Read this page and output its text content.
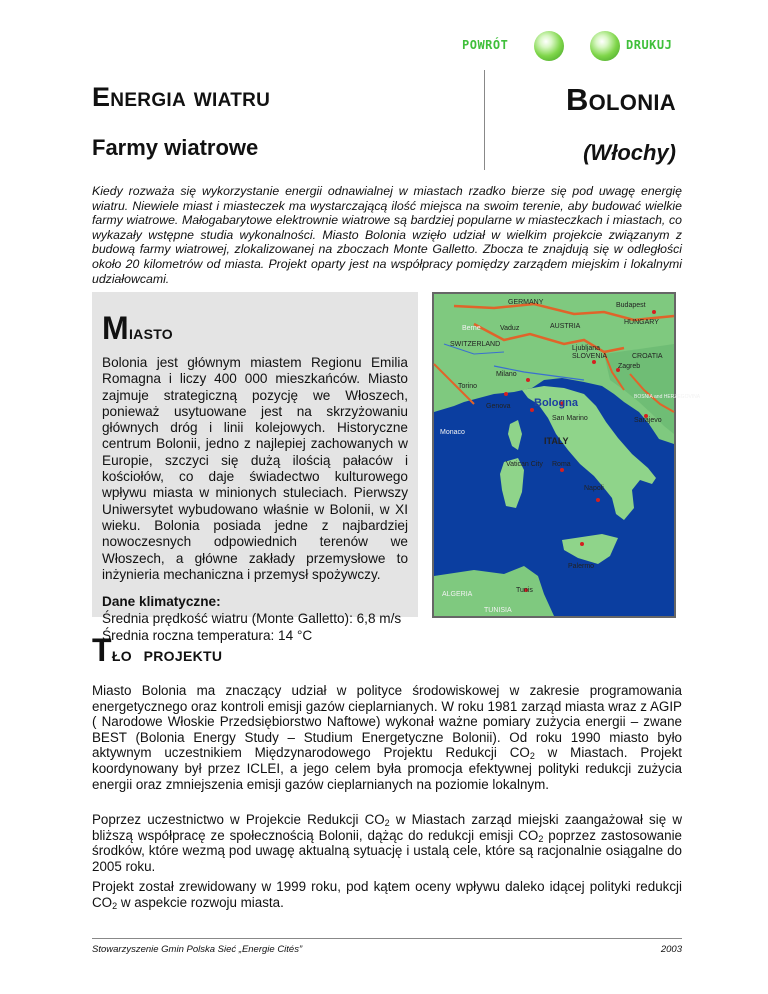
POWRÓT	DRUKUJ
Energia wiatru
Farmy wiatrowe
Bolonia
(Włochy)
Kiedy rozważa się wykorzystanie energii odnawialnej w miastach rzadko bierze się pod uwagę energię wiatru. Niewiele miast i miasteczek ma wystarczającą ilość miejsca na swoim terenie, aby budować wielkie farmy wiatrowe. Małogabarytowe elektrownie wiatrowe są bardziej popularne w miasteczkach i miastach, co wykazały wstępne studia wykonalności. Miasto Bolonia wzięło udział w wielkim projekcie związanym z budową farmy wiatrowej, zlokalizowanej na zboczach Monte Galletto. Zbocza te znajdują się w odległości około 20 kilometrów od miasta. Projekt oparty jest na współpracy pomiędzy zarządem miejskim i lokalnymi udziałowcami.
Miasto
Bolonia jest głównym miastem Regionu Emilia Romagna i liczy 400 000 mieszkańców. Miasto zajmuje strategiczną pozycję we Włoszech, ponieważ usytuowane jest na skrzyżowaniu głównych dróg i linii kolejowych. Historyczne centrum Bolonii, jedno z najlepiej zachowanych w Europie, szczyci się dużą ilością pałaców i kościołów, co daje świadectwo kulturowego wpływu miasta w minionych stuleciach. Pierwszy Uniwersytet wybudowano właśnie w Bolonii, w XI wieku. Bolonia posiada jedne z najbardziej nowoczesnych odpowiednich terenów we Włoszech, a główne zakłady przemysłowe to inżynieria mechaniczna i przemysł spożywczy.
Dane klimatyczne:
Średnia prędkość wiatru (Monte Galletto): 6,8 m/s
Średnia roczna temperatura: 14 °C
GERMANY
HUNGARY
Budapest
Berne	Vaduz	AUSTRIA
SWITZERLAND
SLOVENIA
Ljubljana
Zagreb
CROATIA
Milano
Torino
Genova Bologna
San Marino
BOSNIA and HERZEGOVINA
Sarajevo
Monaco
ITALY
Vatican City Roma
Napoli
Palermo
Tunis
ALGERIA
TUNISIA
Tło  projektu
Miasto Bolonia ma znaczący udział w polityce środowiskowej w zakresie programowania energetycznego oraz kontroli emisji gazów cieplarnianych. W roku 1981 zarząd miasta wraz z AGIP ( Narodowe Włoskie Przedsiębiorstwo Naftowe) wykonał ważne pomiary zużycia energii – zwane BEST (Bolonia Energy Study – Studium Energetyczne Bolonii). Od roku 1990 miasto było aktywnym uczestnikiem Międzynarodowego Projektu Redukcji $CO_2$ w Miastach. Projekt koordynowany był przez ICLEI, a jego celem była promocja efektywnej polityki redukcji zużycia energii oraz zmniejszenia emisji gazów cieplarnianych na poziomie lokalnym.
Poprzez uczestnictwo w Projekcie Redukcji $CO_2$ w Miastach zarząd miejski zaangażował się w bliższą współpracę ze społecznością Bolonii, dążąc do redukcji emisji $CO_2$ poprzez zastosowanie środków, które wezmą pod uwagę aktualną sytuację i ustalą cele, które są racjonalnie osiągalne do 2005 roku.
Projekt został zrewidowany w 1999 roku, pod kątem oceny wpływu daleko idącej polityki redukcji $CO_2$ w aspekcie rozwoju miasta.
Stowarzyszenie Gmin Polska Sieć „Energie Cités”	2003
